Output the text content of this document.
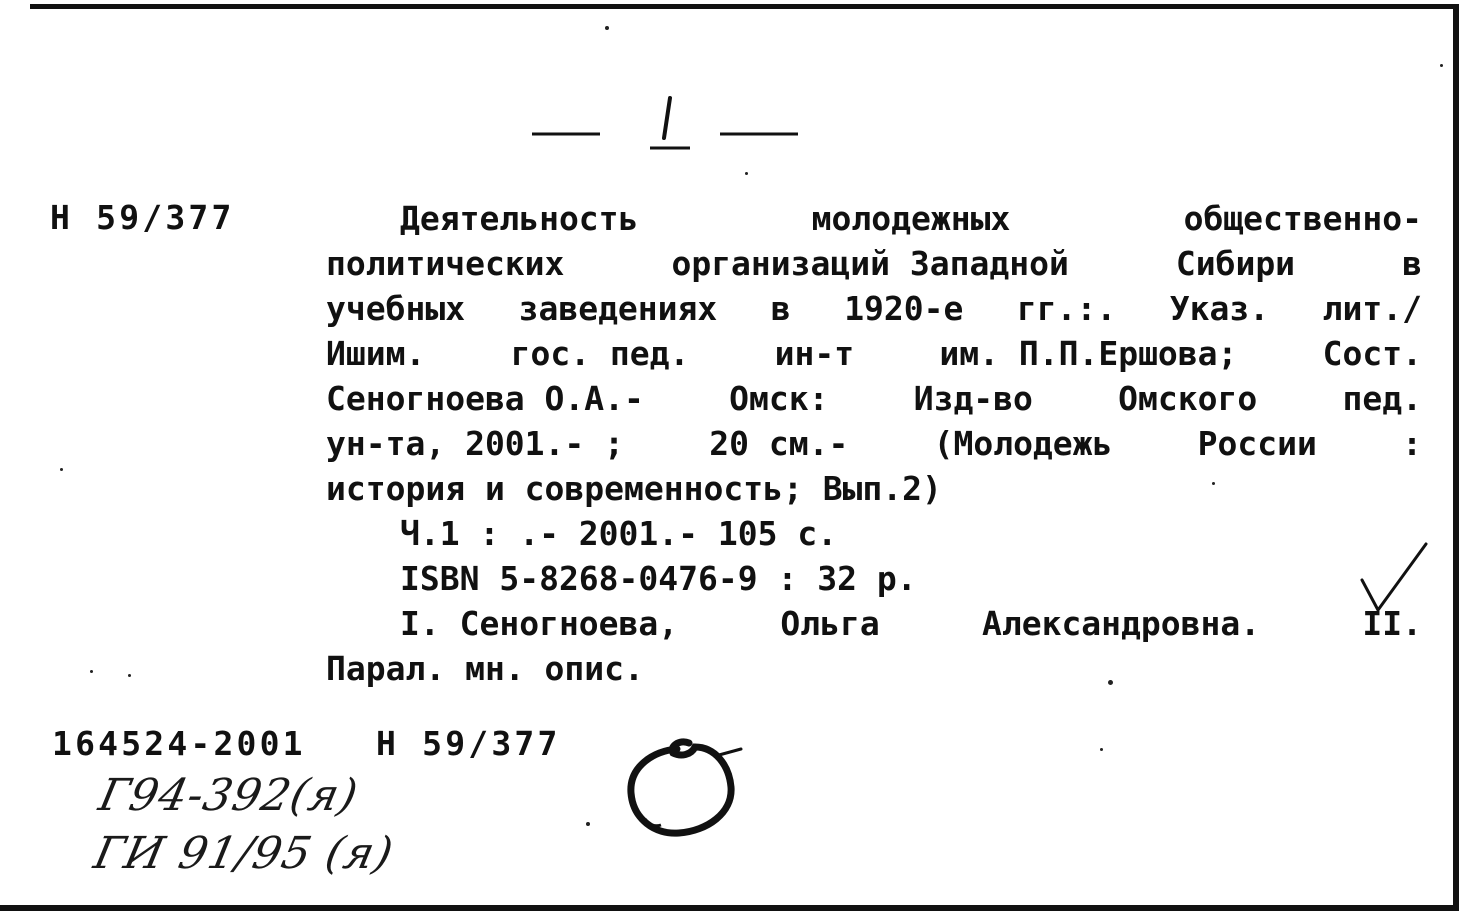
Н 59/377	Деятельность	молодежных	общественно-
политических	организаций Западной	Сибири	в
учебных заведениях в 1920-е гг.:. Указ. лит./
Ишим.	гос. пед.	ин-т	им. П.П.Ершова;	Сост.
Сеногноева О.А.-	Омск:	Изд-во	Омского	пед.
ун-та, 2001.- ;	20 см.-	(Молодежь	России	:
история и современность; Вып.2)
Ч.1 : .- 2001.- 105 с.
ISBN 5-8268-0476-9 : 32 р.
I. Сеногноева,	Ольга	Александровна.	II.
Парал. мн. опис.
164524-2001 Н 59/377
Г94-392(я)
ГИ 91/95 (я)
